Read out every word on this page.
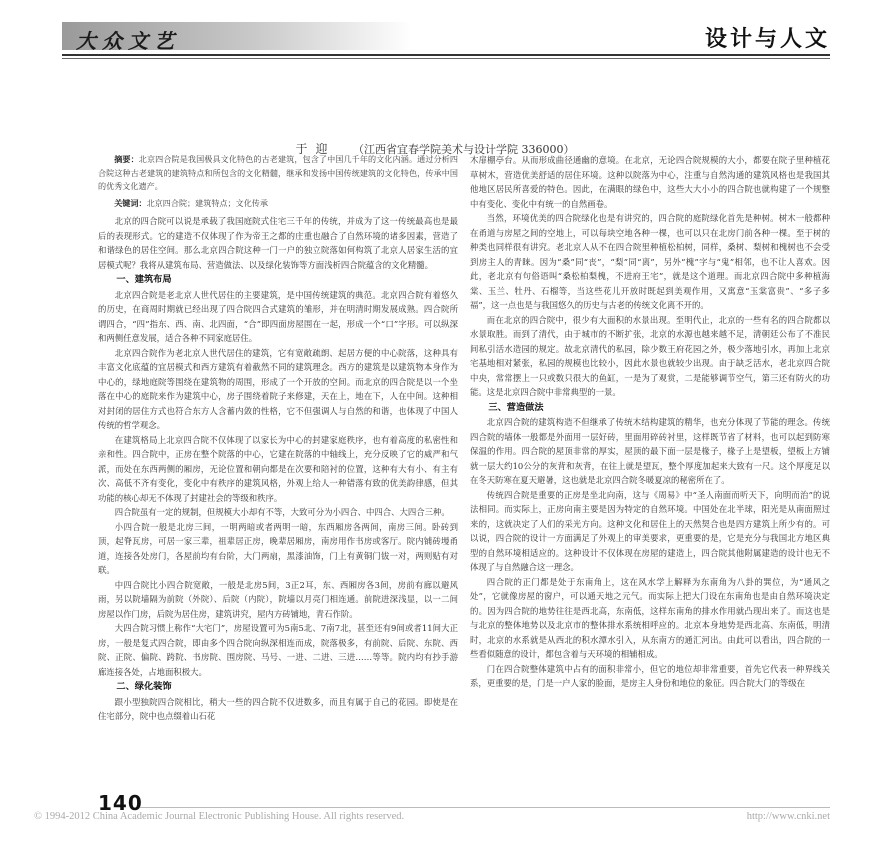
大众文艺	设计与人文
于迎 （江西省宜春学院美术与设计学院 336000）
摘要：北京四合院是我国极具文化特色的古老建筑，包含了中国几千年的文化内涵。通过分析四合院这种古老建筑的建筑特点和所包含的文化精髓，继承和发扬中国传统建筑的文化特色，传承中国的优秀文化遗产。
关键词：北京四合院；建筑特点；文化传承

北京的四合院可以说是承载了我国庭院式住宅三千年的传统，并成为了这一传统最高也是最后的表现形式。它的建造不仅体现了作为帝王之都的庄重也融合了自然环境的诸多因素，营造了和谐绿色的居住空间。那么北京四合院这种一门一户的独立院落如何构筑了北京人居家生活的宜居模式呢？我将从建筑布局、营造做法、以及绿化装饰等方面浅析四合院蕴含的文化精髓。

一、建筑布局

北京四合院是老北京人世代居住的主要建筑，是中国传统建筑的典范。北京四合院有着悠久的历史，在商周时期就已经出现了四合院四合式建筑的雏形，并在明清时期发展成熟。四合院所谓四合，“四”指东、西、南、北四面，“合”即四面房屋围在一起，形成一个“口”字形。可以纵深和两侧任意发展，适合各种不同家庭居住。

北京四合院作为老北京人世代居住的建筑，它有宽敞疏朗、起居方便的中心院落，这种具有丰富文化底蕴的宜居模式和西方建筑有着截然不同的建筑理念。西方的建筑是以建筑物本身作为中心的，绿地庭院等围绕在建筑物的周围，形成了一个开放的空间。而北京的四合院是以一个坐落在中心的庭院来作为建筑中心，房子围绕着院子来修建，天在上，地在下，人在中间。这种相对封闭的居住方式也符合东方人含蓄内敛的性格，它不但强调人与自然的和谐，也体现了中国人传统的哲学观念。

在建筑格局上北京四合院不仅体现了以家长为中心的封建家庭秩序，也有着高度的私密性和亲和性。四合院中，正房在整个院落的中心，它建在院落的中轴线上，充分反映了它的威严和气派，而处在东西两侧的厢房，无论位置和朝向都是在次要和陪衬的位置，这种有大有小、有主有次、高低不齐有变化，变化中有秩序的建筑风格，外观上给人一种错落有致的优美韵律感，但其功能的核心却无不体现了封建社会的等级和秩序。

四合院虽有一定的规制，但规模大小却有不等，大致可分为小四合、中四合、大四合三种。

小四合院一般是北房三间，一明两暗或者两明一暗，东西厢房各两间，南房三间。卧砖到顶，起脊瓦房，可居一家三辈，祖辈居正房，晚辈居厢房，南房用作书房或客厅。院内铺砖墁甬道，连接各处房门，各屋前均有台阶，大门两扇，黑漆油饰，门上有黄铜门钹一对，两则贴有对联。

中四合院比小四合院宽敞，一般是北房5间，3正2耳，东、西厢房各3间，房前有廊以避风雨，另以院墙隔为前院（外院）、后院（内院），院墙以月亮门相连通。前院进深浅显，以一二间房屋以作门房，后院为居住房，建筑讲究，屋内方砖铺地，青石作阶。

大四合院习惯上称作“大宅门”，房屋设置可为5南5北、7南7北，甚至还有9间或者11间大正房，一般是复式四合院，即由多个四合院向纵深相连而成，院落极多，有前院、后院、东院、西院、正院、偏院、跨院、书房院、围房院、马号、一进、二进、三进……等等。院内均有抄手游廊连接各处，占地面积极大。

二、绿化装饰

跟小型独院四合院相比，稍大一些的四合院不仅进数多，而且有属于自己的花园。即使是在住宅部分，院中也点缀着山石花

木扉棚亭台。从而形成曲径通幽的意境。在北京，无论四合院规模的大小，都要在院子里种植花草树木，营造优美舒适的居住环境。这种以院落为中心，注重与自然沟通的建筑风格也是我国其他地区居民所喜爱的特色。因此，在满眼的绿色中，这些大大小小的四合院也就构建了一个规整中有变化、变化中有统一的自然画卷。

当然，环境优美的四合院绿化也是有讲究的，四合院的庭院绿化首先是种树。树木一般都种在甬道与房屋之间的空地上，可以每块空地各种一棵，也可以只在北房门前各种一棵。至于树的种类也同样很有讲究。老北京人从不在四合院里种植松柏树，同样，桑树、梨树和槐树也不会受到房主人的青睐。因为“桑”同“丧”，“梨”同“离”，另外“槐”字与“鬼”相邻，也不让人喜欢。因此，老北京有句俗语叫“桑松柏梨槐，不进府王宅”，就是这个道理。而北京四合院中多种植海棠、玉兰、牡丹、石榴等，当这些花儿开放时既起到美观作用，又寓意“玉棠富贵”、“多子多福”，这一点也是与我国悠久的历史与古老的传统文化离不开的。

而在北京的四合院中，很少有大面积的水景出现。至明代止，北京的一些有名的四合院都以水景取胜。而到了清代，由于城市的不断扩张，北京的水源也越来越不足，清朝廷公布了不准民间私引活水造园的规定。故北京清代的私园，除少数王府花园之外，极少落地引水，再加上北京宅基地相对紧张，私园的规模也比较小，因此水景也就较少出现。由于缺乏活水，老北京四合院中央，常常摆上一只或数只很大的鱼缸，一是为了观赏，二是能够调节空气，第三还有防火的功能。这是北京四合院中非常典型的一景。

三、营造做法

北京四合院的建筑构造不但继承了传统木结构建筑的精华，也充分体现了节能的理念。传统四合院的墙体一般都是外面用一层好砖，里面用碎砖衬里，这样既节省了材料，也可以起到防寒保温的作用。四合院的屋顶非常的厚实，屋顶的最下面一层是椽子，椽子上是望板，望板上方铺就一层大约10公分的灰背和灰背，在往上就是望瓦，整个厚度加起来大致有一尺。这个厚度足以在冬天防寒在夏天避暑，这也就是北京四合院冬暖夏凉的秘密所在了。

传统四合院是重要的正房是坐北向南，这与《周易》中“圣人南面而听天下，向明而治”的说法相同。而实际上，正房向南主要是因为特定的自然环境。中国处在北半球，阳光是从南面照过来的，这就决定了人们的采光方向。这种文化和居住上的天然契合也是四方建筑上所少有的。可以说，四合院的设计一方面满足了外观上的审美要求，更重要的是，它是充分与我国北方地区典型的自然环境相适应的。这种设计不仅体现在房屋的建造上，四合院其他附属建造的设计也无不体现了与自然融合这一理念。

四合院的正门都是处于东南角上，这在风水学上解释为东南角为八卦的巽位，为“通风之处”，它就像房屋的窗户，可以通天地之元气。而实际上把大门设在东南角也是由自然环境决定的。因为四合院的地势往往是西北高，东南低，这样东南角的排水作用就凸现出来了。而这也是与北京的整体地势以及北京市的整体排水系统相呼应的。北京本身地势是西北高、东南低，明清时，北京的水系就是从西北的积水潭水引入，从东南方的通汇河出。由此可以看出，四合院的一些看似随意的设计，都包含着与天环境的相辅相成。

门在四合院整体建筑中占有的面积非常小，但它的地位却非常重要，首先它代表一种界线关系，更重要的是，门是一户人家的脸面，是房主人身份和地位的象征。四合院大门的等级在

140
© 1994-2012 China Academic Journal Electronic Publishing House. All rights reserved.	http://www.cnki.net
